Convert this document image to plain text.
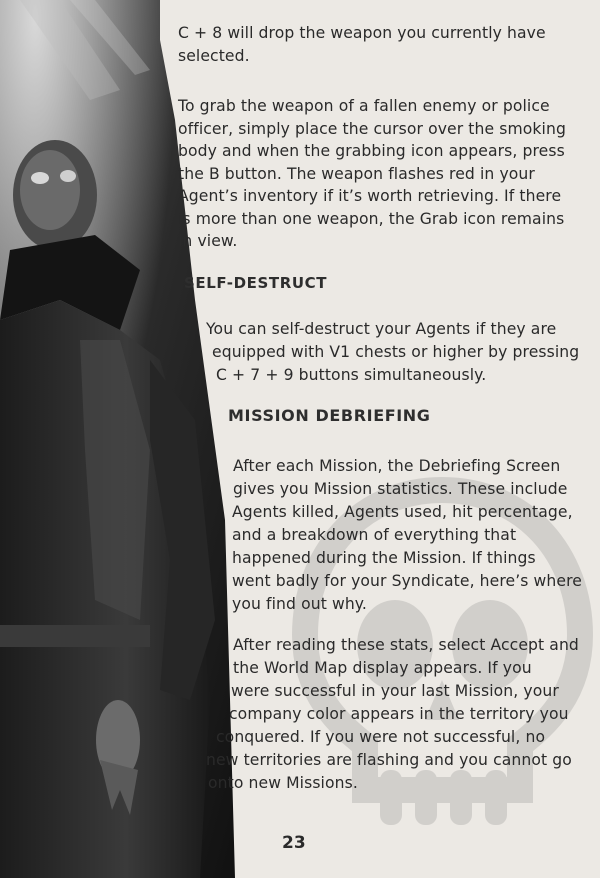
C + 8 will drop the weapon you currently have selected.

To grab the weapon of a fallen enemy or police officer, simply place the cursor over the smoking body and when the grabbing icon appears, press the B button. The weapon flashes red in your Agent’s inventory if it’s worth retrieving. If there is more than one weapon, the Grab icon remains in view.

SELF-DESTRUCT
You can self-destruct your Agents if they are
equipped with V1 chests or higher by pressing
C + 7 + 9 buttons simultaneously.
MISSION DEBRIEFING
After each Mission, the Debriefing Screen
gives you Mission statistics. These include
Agents killed, Agents used, hit percentage,
and a breakdown of everything that
happened during the Mission. If things
went badly for your Syndicate, here’s where
you find out why.
After reading these stats, select Accept and
the World Map display appears. If you
were successful in your last Mission, your
company color appears in the territory you
conquered. If you were not successful, no
new territories are flashing and you cannot go
onto new Missions.
23
